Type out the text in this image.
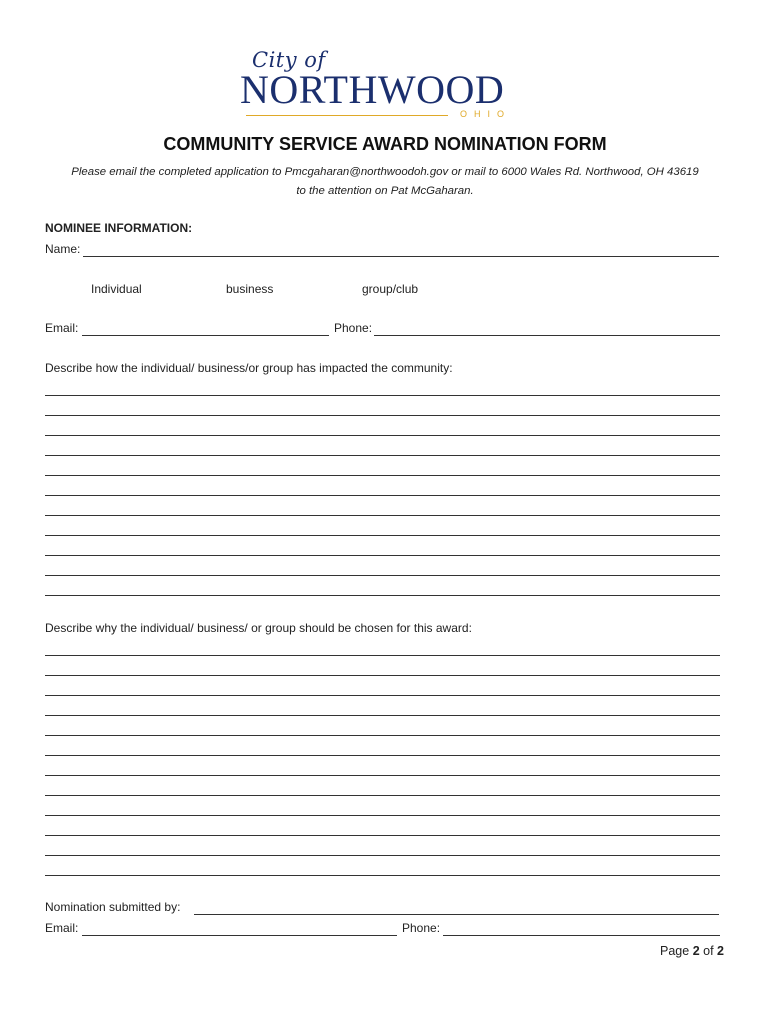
City of
NORTHWOOD
OHIO
COMMUNITY SERVICE AWARD NOMINATION FORM
Please email the completed application to Pmcgaharan@northwoodoh.gov or mail to 6000 Wales Rd. Northwood, OH 43619
to the attention on Pat McGaharan.
NOMINEE INFORMATION:
Name:
Individual	business	group/club
Email:	Phone:
Describe how the individual/ business/or group has impacted the community:
Describe why the individual/ business/ or group should be chosen for this award:
Nomination submitted by:
Email:	Phone:
Page 2 of 2
